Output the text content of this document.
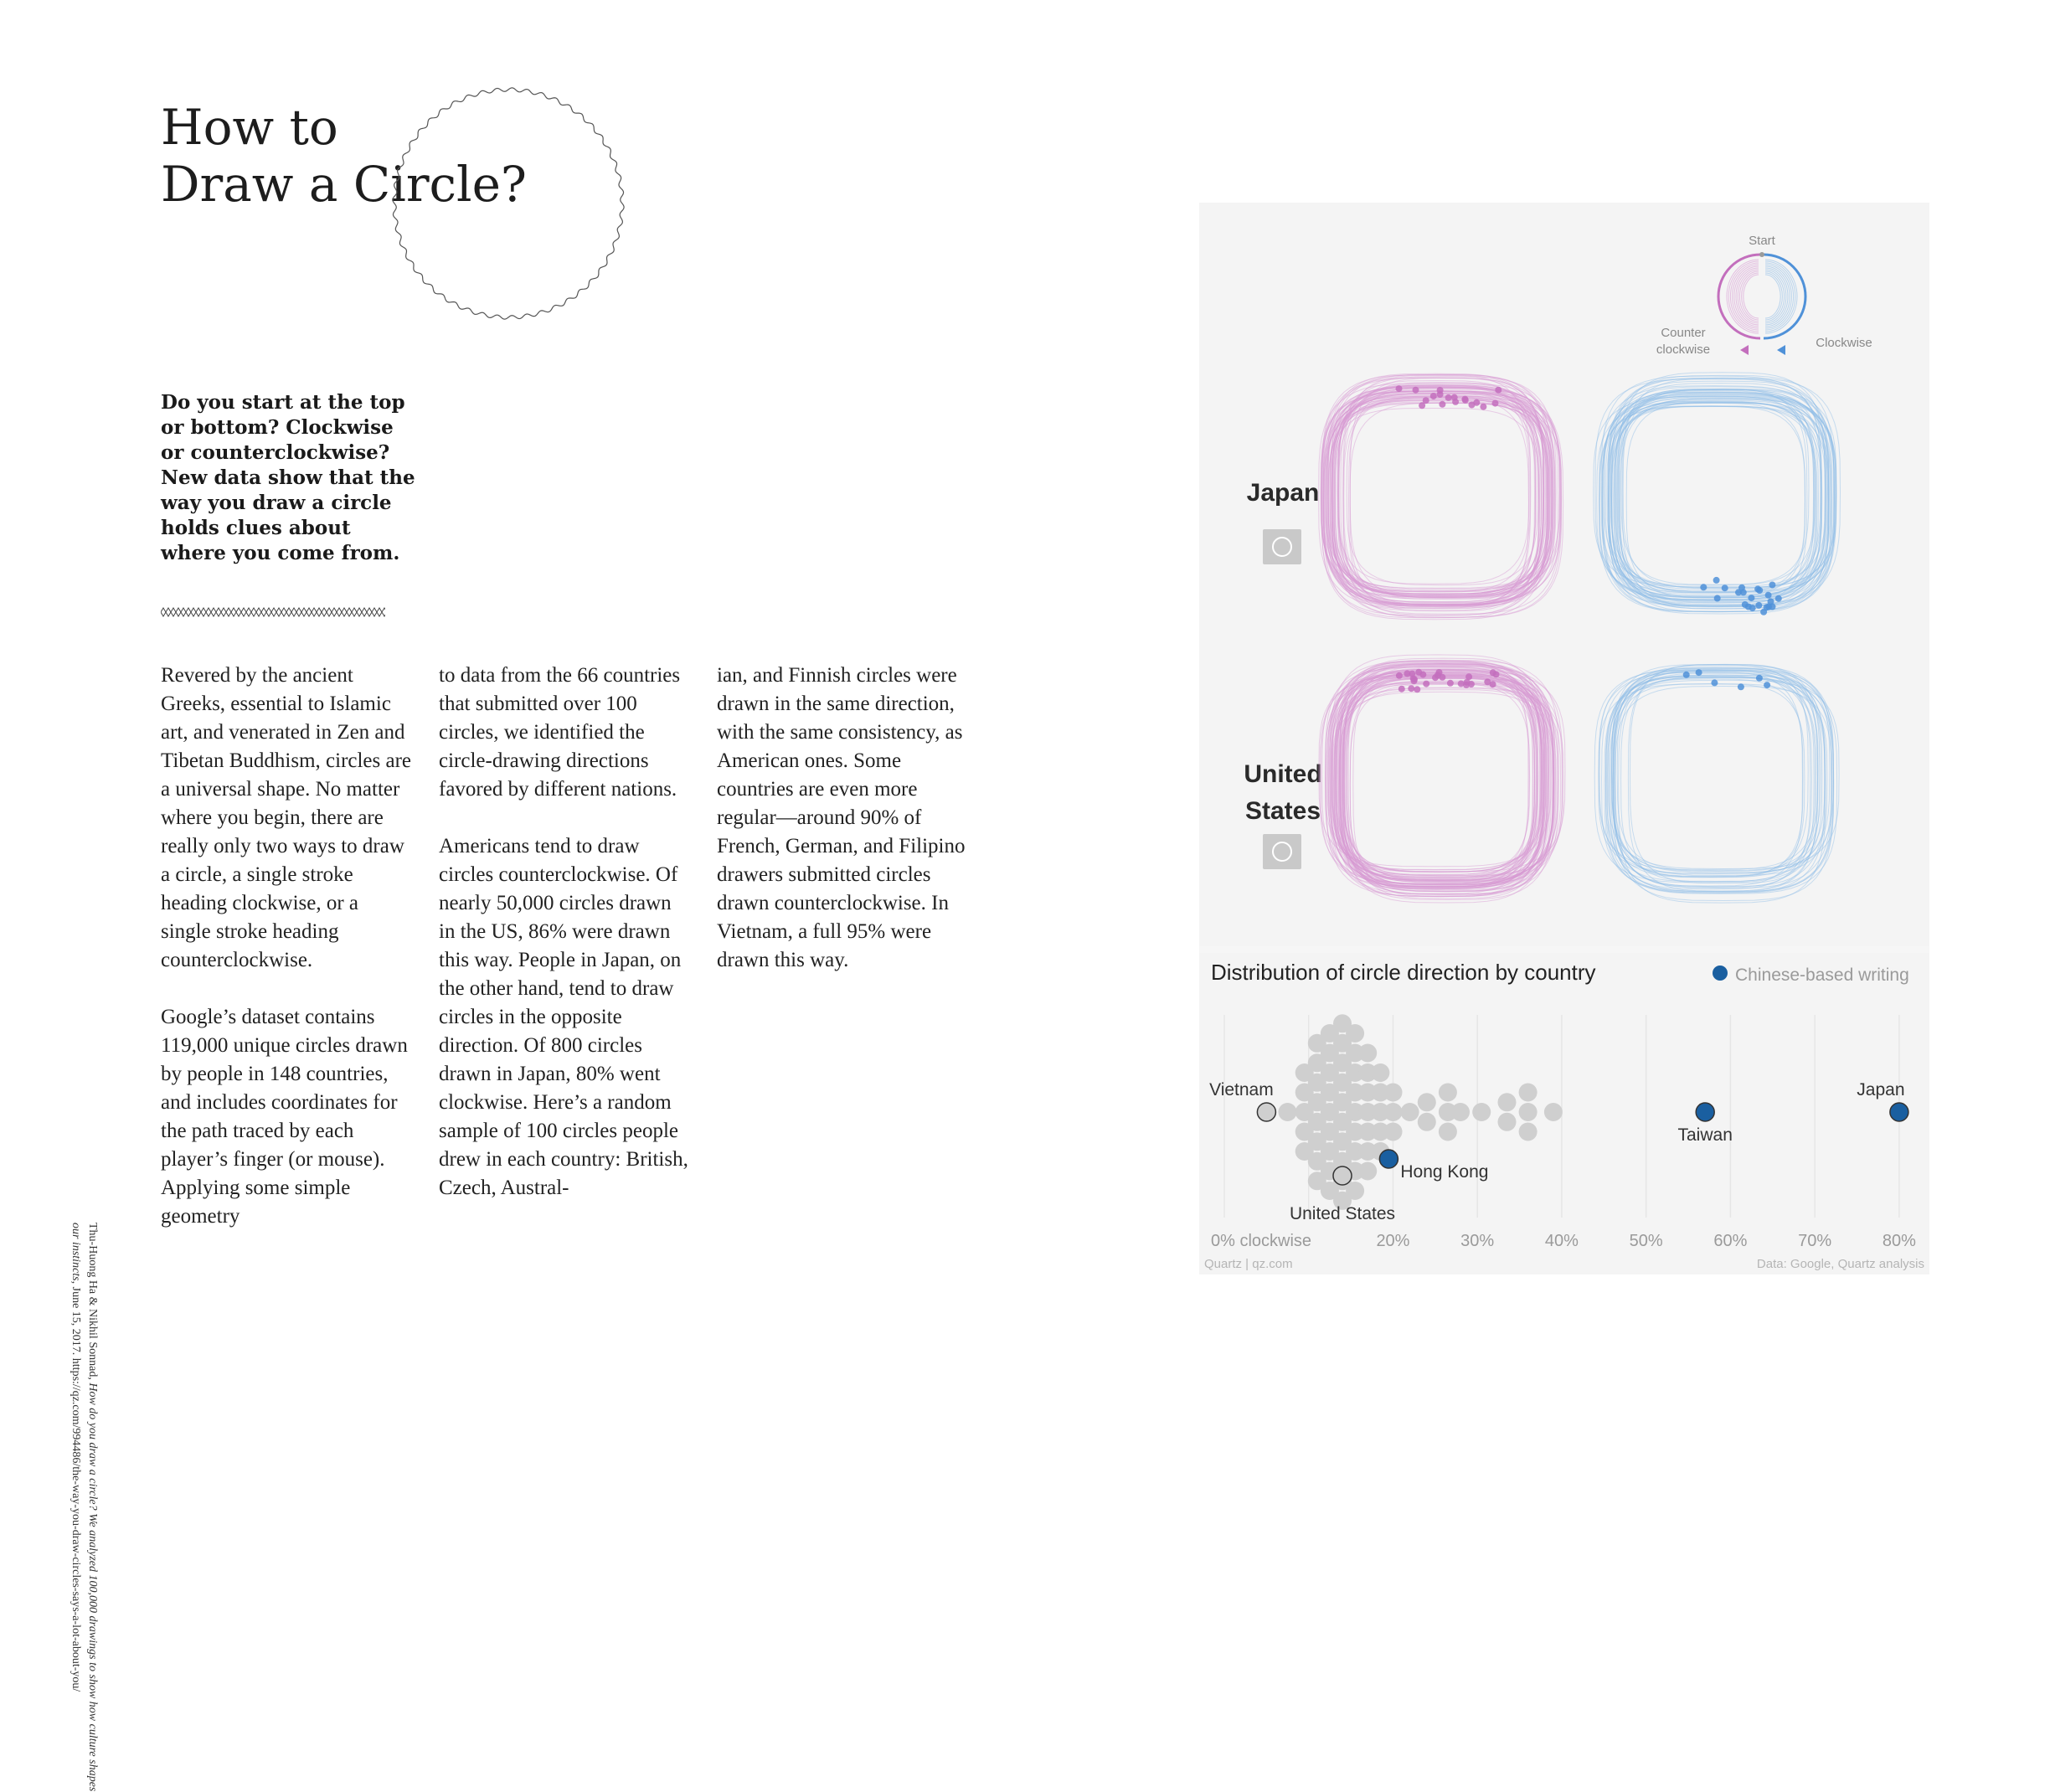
How to
Draw a Circle?

Do you start at the top or bottom? Clockwise or counterclockwise? New data show that the way you draw a circle holds clues about where you come from.

Revered by the ancient Greeks, essential to Islamic art, and venerated in Zen and Tibetan Buddhism, circles are a universal shape. No matter where you begin, there are really only two ways to draw a circle, a single stroke heading clockwise, or a single stroke heading counterclockwise.

Google’s dataset contains 119,000 unique circles drawn by people in 148 countries, and includes coordinates for the path traced by each player’s finger (or mouse). Applying some simple geometry

to data from the 66 countries that submitted over 100 circles, we identified the circle-drawing directions favored by different nations.

Americans tend to draw circles counterclockwise. Of nearly 50,000 circles drawn in the US, 86% were drawn this way. People in Japan, on the other hand, tend to draw circles in the opposite direction. Of 800 circles drawn in Japan, 80% went clockwise. Here’s a random sample of 100 circles people drew in each country: British, Czech, Austral-

ian, and Finnish circles were drawn in the same direction, with the same consistency, as American ones. Some countries are even more regular—around 90% of French, German, and Filipino drawers submitted circles drawn counterclockwise. In Vietnam, a full 95% were drawn this way.

Thu-Huong Ha & Nikhil Sonnad, How do you draw a circle? We analyzed 100,000 drawings to show how culture shapes our instincts, June 15, 2017. https://qz.com/994486/the-way-you-draw-circles-says-a-lot-about-you/
Start
Counter
clockwise	Clockwise
Japan
United
States
Distribution of circle direction by country	Chinese-based writing
0% clockwise	20%	30%	40%	50%	60%	70%	80%
Vietnam
United States
Hong Kong
Taiwan
Japan
Quartz | qz.com	Data: Google, Quartz analysis
